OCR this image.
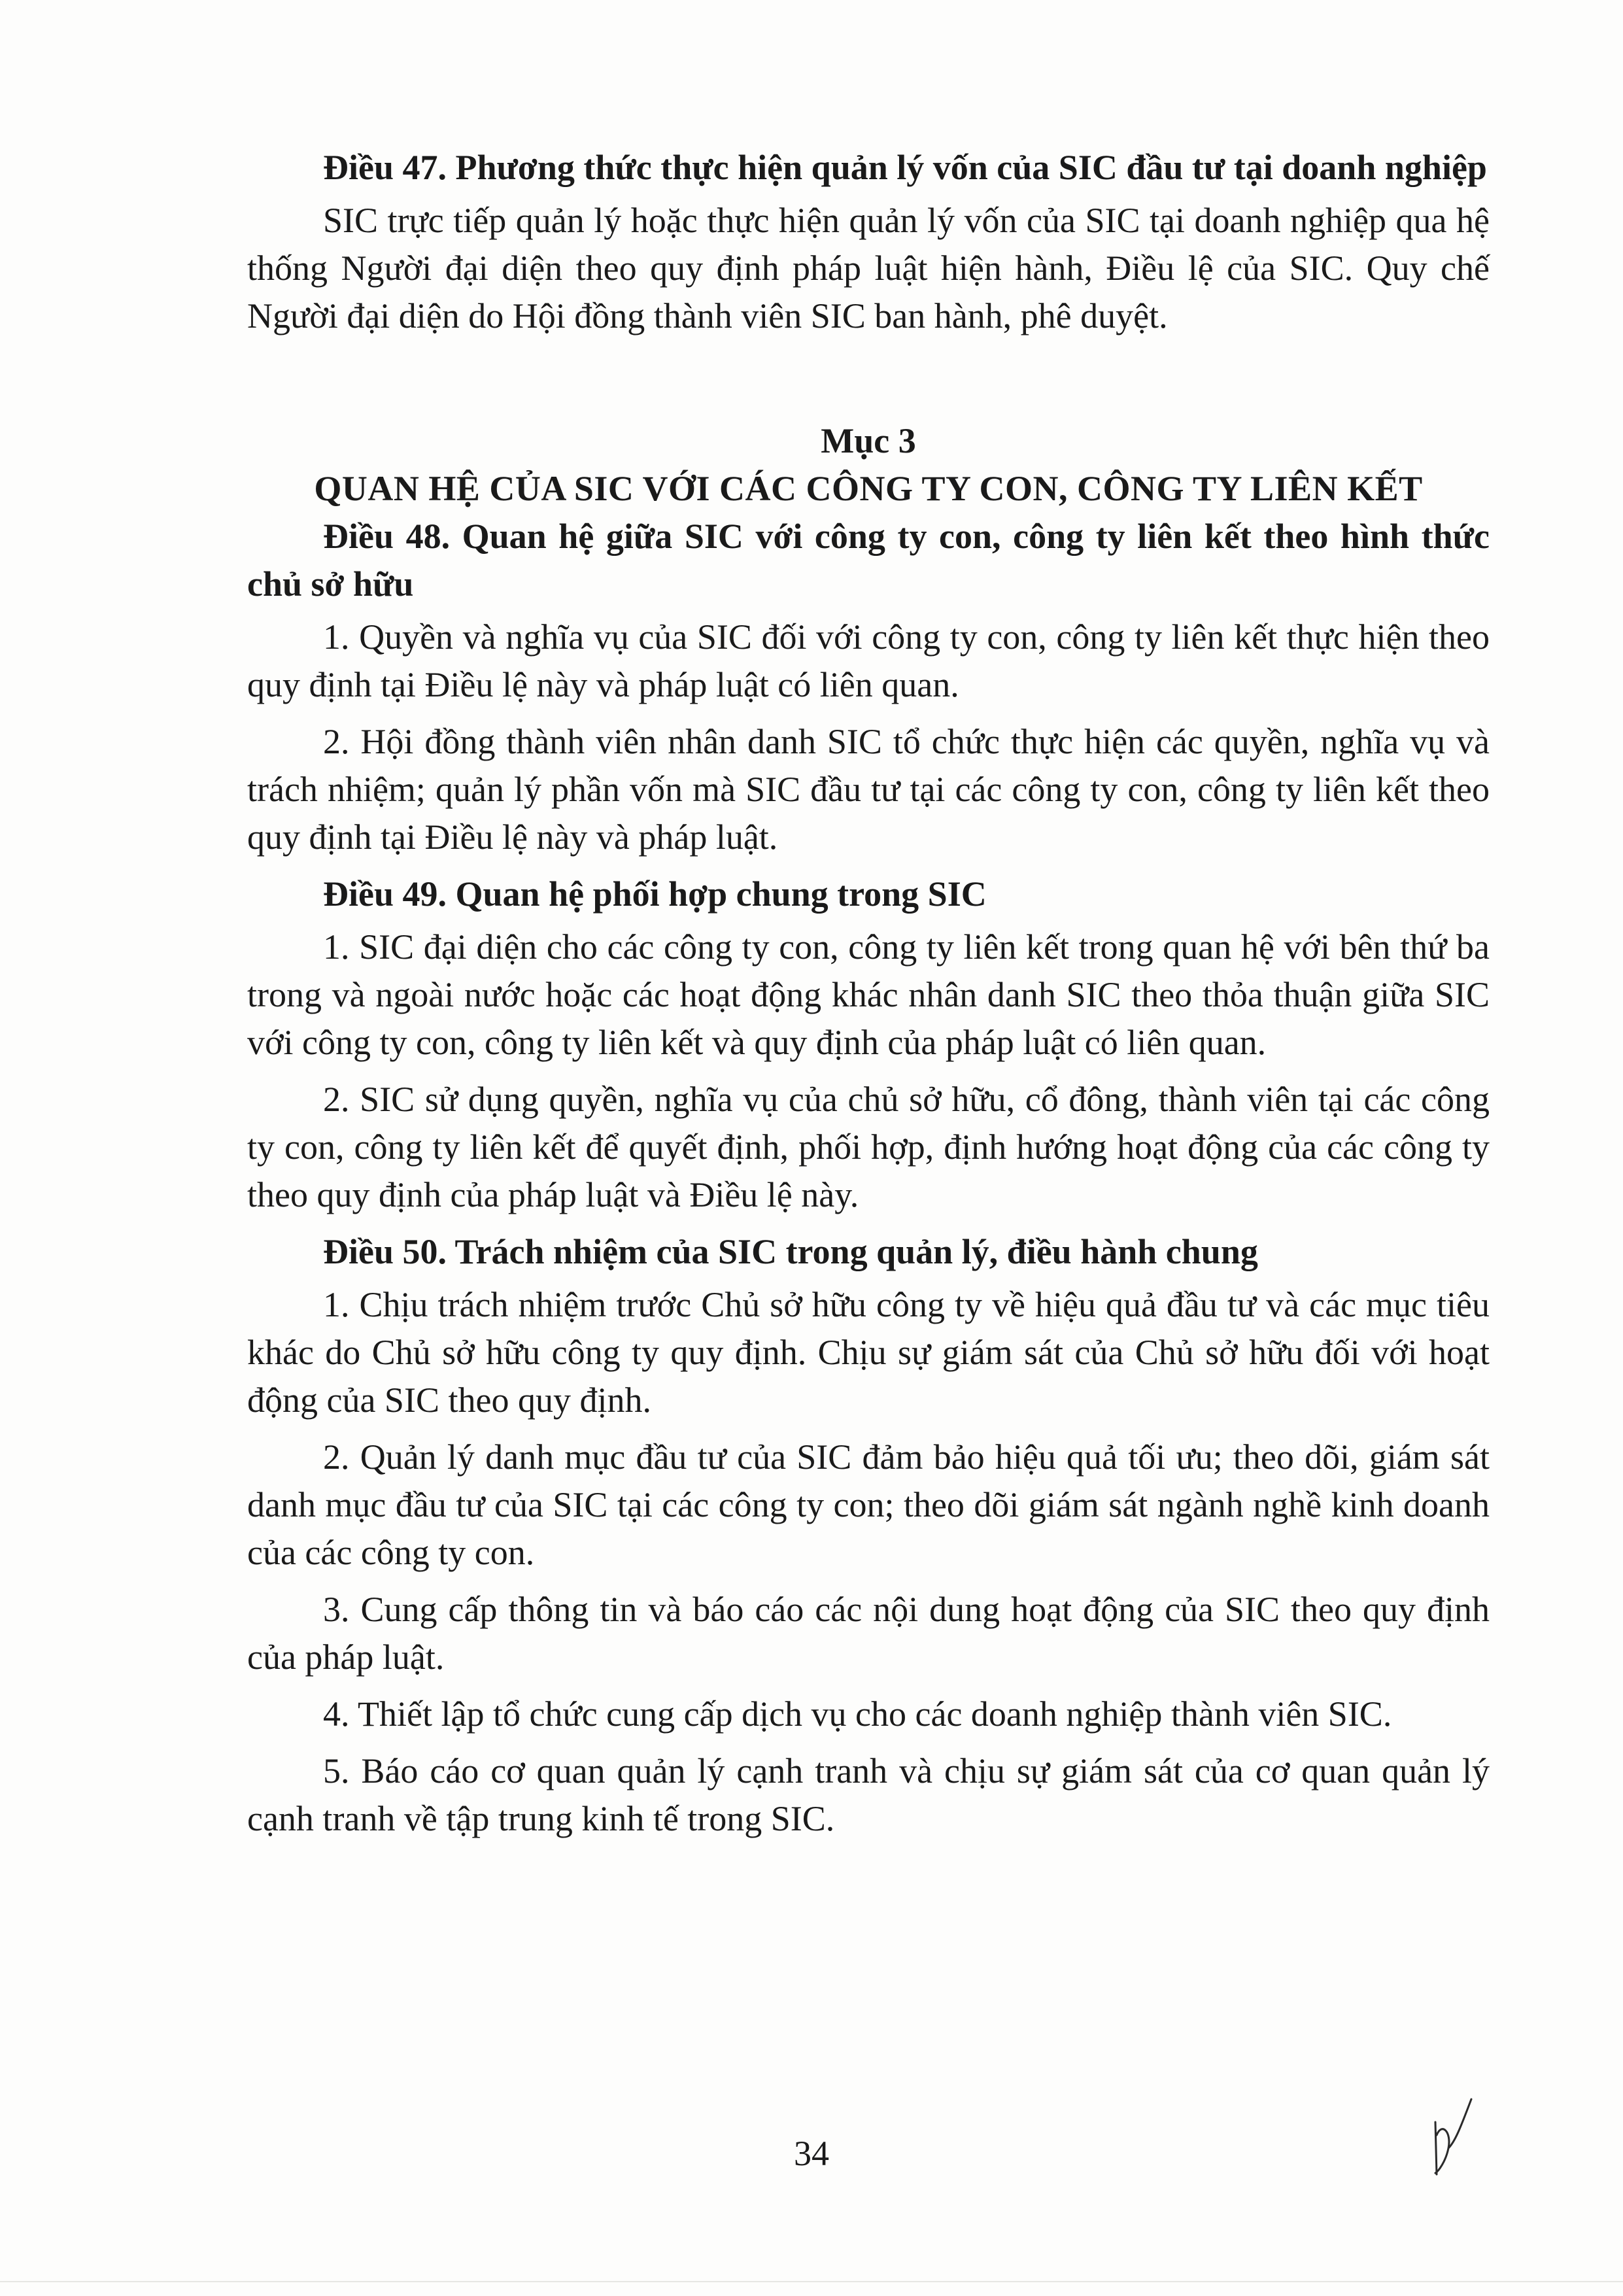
Điều 47. Phương thức thực hiện quản lý vốn của SIC đầu tư tại doanh nghiệp
SIC trực tiếp quản lý hoặc thực hiện quản lý vốn của SIC tại doanh nghiệp qua hệ thống Người đại diện theo quy định pháp luật hiện hành, Điều lệ của SIC. Quy chế Người đại diện do Hội đồng thành viên SIC ban hành, phê duyệt.
Mục 3
QUAN HỆ CỦA SIC VỚI CÁC CÔNG TY CON, CÔNG TY LIÊN KẾT
Điều 48. Quan hệ giữa SIC với công ty con, công ty liên kết theo hình thức chủ sở hữu
1. Quyền và nghĩa vụ của SIC đối với công ty con, công ty liên kết thực hiện theo quy định tại Điều lệ này và pháp luật có liên quan.
2. Hội đồng thành viên nhân danh SIC tổ chức thực hiện các quyền, nghĩa vụ và trách nhiệm; quản lý phần vốn mà SIC đầu tư tại các công ty con, công ty liên kết theo quy định tại Điều lệ này và pháp luật.
Điều 49. Quan hệ phối hợp chung trong SIC
1. SIC đại diện cho các công ty con, công ty liên kết trong quan hệ với bên thứ ba trong và ngoài nước hoặc các hoạt động khác nhân danh SIC theo thỏa thuận giữa SIC với công ty con, công ty liên kết và quy định của pháp luật có liên quan.
2. SIC sử dụng quyền, nghĩa vụ của chủ sở hữu, cổ đông, thành viên tại các công ty con, công ty liên kết để quyết định, phối hợp, định hướng hoạt động của các công ty theo quy định của pháp luật và Điều lệ này.
Điều 50. Trách nhiệm của SIC trong quản lý, điều hành chung
1. Chịu trách nhiệm trước Chủ sở hữu công ty về hiệu quả đầu tư và các mục tiêu khác do Chủ sở hữu công ty quy định. Chịu sự giám sát của Chủ sở hữu đối với hoạt động của SIC theo quy định.
2. Quản lý danh mục đầu tư của SIC đảm bảo hiệu quả tối ưu; theo dõi, giám sát danh mục đầu tư của SIC tại các công ty con; theo dõi giám sát ngành nghề kinh doanh của các công ty con.
3. Cung cấp thông tin và báo cáo các nội dung hoạt động của SIC theo quy định của pháp luật.
4. Thiết lập tổ chức cung cấp dịch vụ cho các doanh nghiệp thành viên SIC.
5. Báo cáo cơ quan quản lý cạnh tranh và chịu sự giám sát của cơ quan quản lý cạnh tranh về tập trung kinh tế trong SIC.
34
